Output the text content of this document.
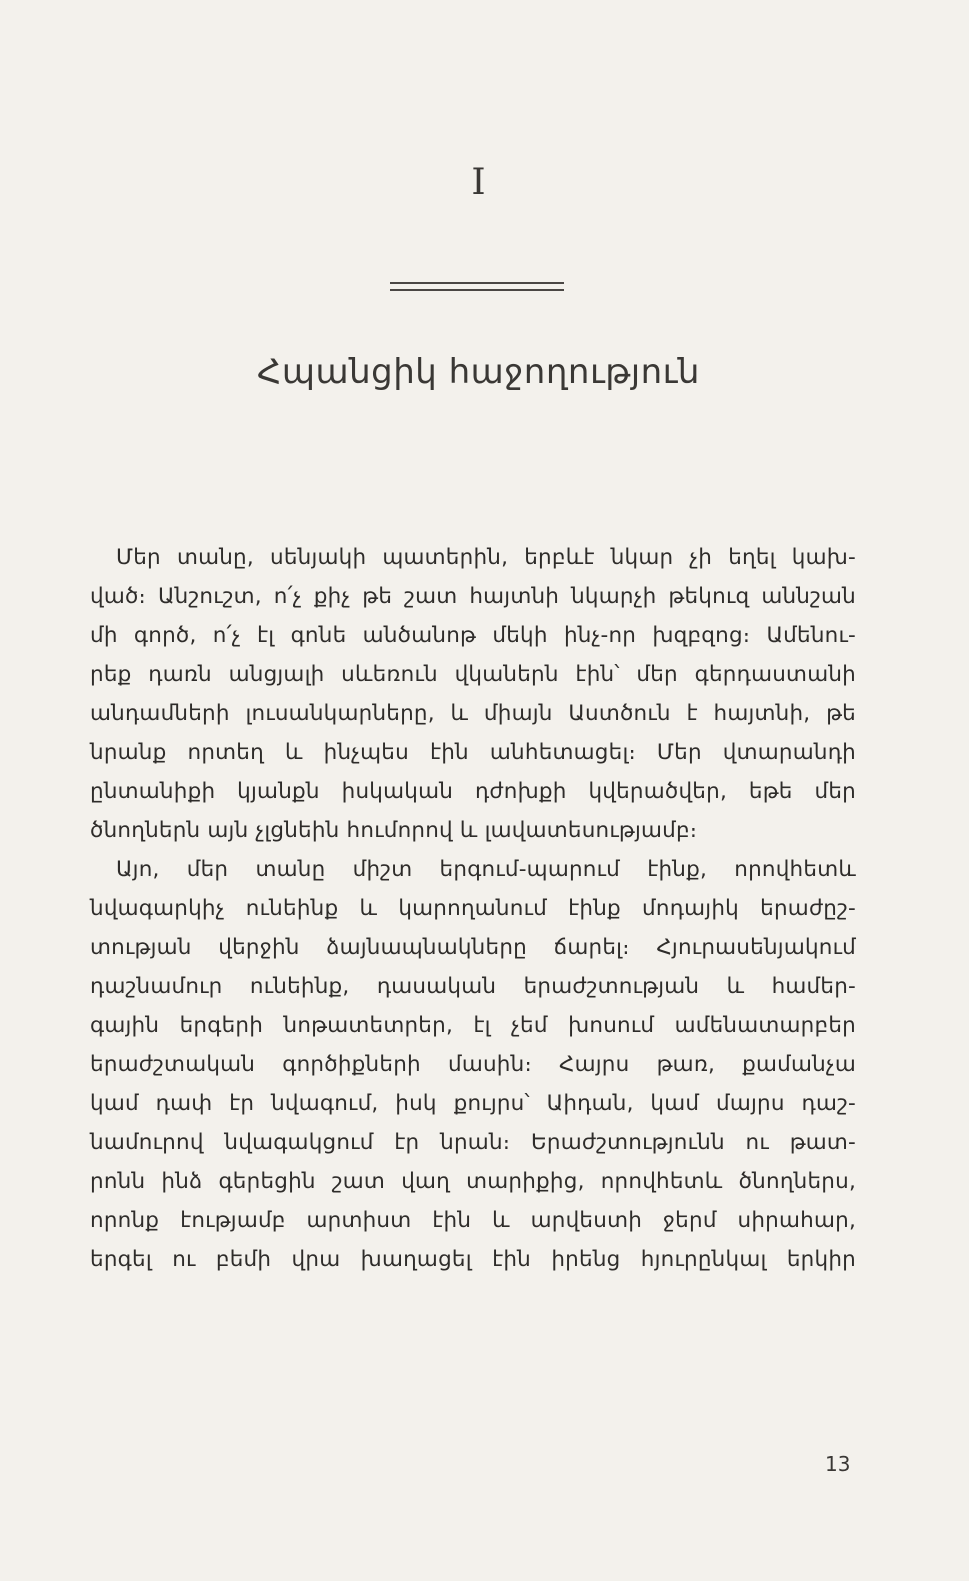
I
Հպանցիկ հաջողություն
Մեր տանը, սենյակի պատերին, երբևէ նկար չի եղել կախ-
ված։ Անշուշտ, ո՛չ քիչ թե շատ հայտնի նկարչի թեկուզ աննշան
մի գործ, ո՛չ էլ գոնե անծանոթ մեկի ինչ-որ խզբզոց։ Ամենու-
րեք դառն անցյալի սևեռուն վկաներն էին՝ մեր գերդաստանի
անդամների լուսանկարները, և միայն Աստծուն է հայտնի, թե
նրանք որտեղ և ինչպես էին անհետացել։ Մեր վտարանդի
ընտանիքի կյանքն իսկական դժոխքի կվերածվեր, եթե մեր
ծնողներն այն չլցնեին հումորով և լավատեսությամբ։
Այո, մեր տանը միշտ երգում-պարում էինք, որովհետև
նվագարկիչ ունեինք և կարողանում էինք մոդայիկ երաժըշ-
տության վերջին ձայնապնակները ճարել։ Հյուրասենյակում
դաշնամուր ունեինք, դասական երաժշտության և համեր-
գային երգերի նոթատետրեր, էլ չեմ խոսում ամենատարբեր
երաժշտական գործիքների մասին։ Հայրս թառ, քամանչա
կամ դափ էր նվագում, իսկ քույրս՝ Աիդան, կամ մայրս դաշ-
նամուրով նվագակցում էր նրան։ Երաժշտությունն ու թատ-
րոնն ինձ գերեցին շատ վաղ տարիքից, որովհետև ծնողներս,
որոնք էությամբ արտիստ էին և արվեստի ջերմ սիրահար,
երգել ու բեմի վրա խաղացել էին իրենց հյուրընկալ երկիր
13
